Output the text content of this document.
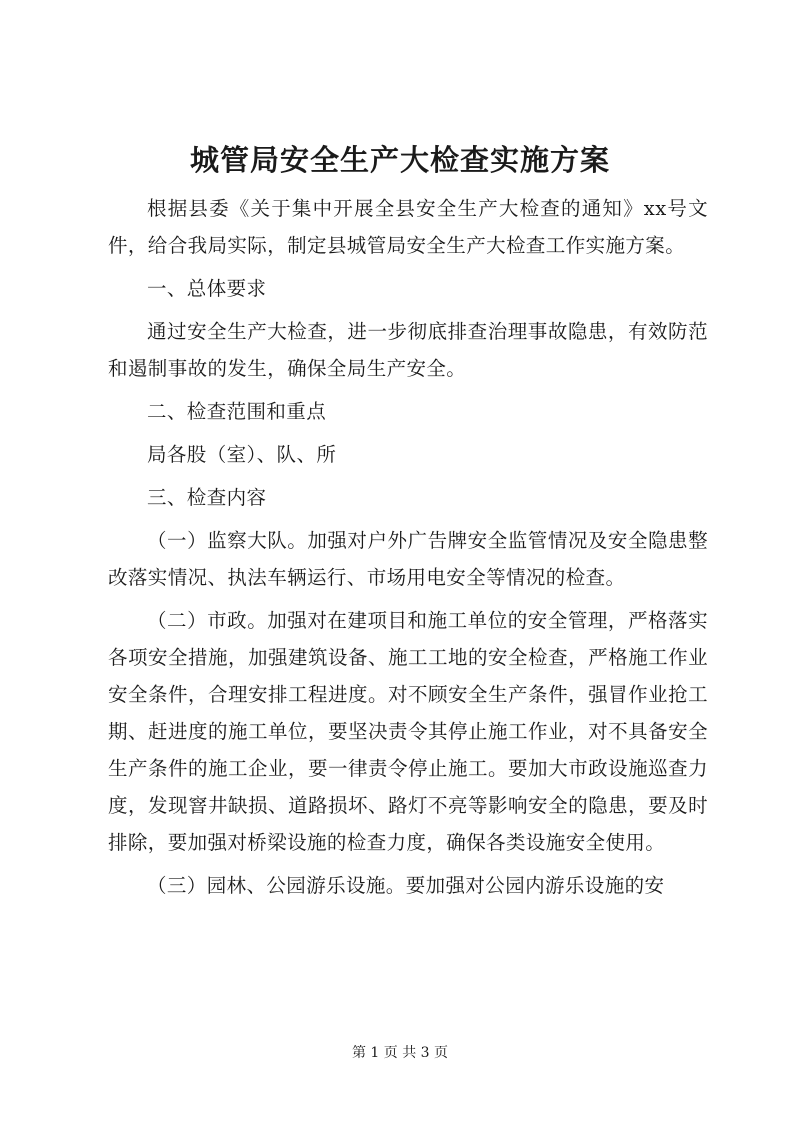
城管局安全生产大检查实施方案

根据县委《关于集中开展全县安全生产大检查的通知》xx号文件，给合我局实际，制定县城管局安全生产大检查工作实施方案。

一、总体要求

通过安全生产大检查，进一步彻底排查治理事故隐患，有效防范和遏制事故的发生，确保全局生产安全。

二、检查范围和重点

局各股（室）、队、所

三、检查内容

（一）监察大队。加强对户外广告牌安全监管情况及安全隐患整改落实情况、执法车辆运行、市场用电安全等情况的检查。

（二）市政。加强对在建项目和施工单位的安全管理，严格落实各项安全措施，加强建筑设备、施工工地的安全检查，严格施工作业安全条件，合理安排工程进度。对不顾安全生产条件，强冒作业抢工期、赶进度的施工单位，要坚决责令其停止施工作业，对不具备安全生产条件的施工企业，要一律责令停止施工。要加大市政设施巡查力度，发现窨井缺损、道路损坏、路灯不亮等影响安全的隐患，要及时排除，要加强对桥梁设施的检查力度，确保各类设施安全使用。

（三）园林、公园游乐设施。要加强对公园内游乐设施的安

第 1 页 共 3 页
